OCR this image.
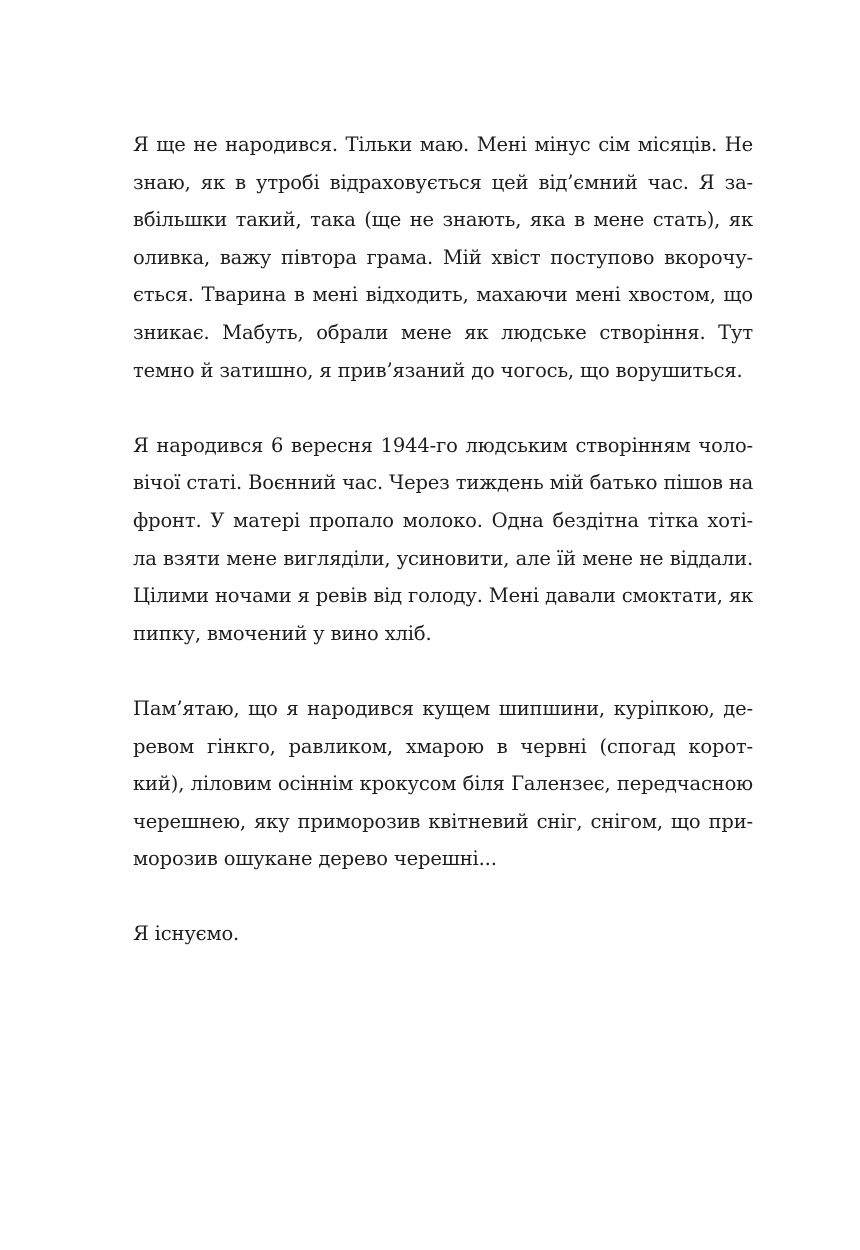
Я ще не народився. Тільки маю. Мені мінус сім місяців. Не
знаю, як в утробі відраховується цей від’ємний час. Я за-
вбільшки такий, така (ще не знають, яка в мене стать), як
оливка, важу півтора грама. Мій хвіст поступово вкорочу-
ється. Тварина в мені відходить, махаючи мені хвостом, що
зникає. Мабуть, обрали мене як людське створіння. Тут
темно й затишно, я прив’язаний до чогось, що ворушиться.
Я народився 6 вересня 1944-го людським створінням чоло-
вічої статі. Воєнний час. Через тиждень мій батько пішов на
фронт. У матері пропало молоко. Одна бездітна тітка хоті-
ла взяти мене вигляділи, усиновити, але їй мене не віддали.
Цілими ночами я ревів від голоду. Мені давали смоктати, як
пипку, вмочений у вино хліб.
Пам’ятаю, що я народився кущем шипшини, куріпкою, де-
ревом гінкго, равликом, хмарою в червні (спогад корот-
кий), ліловим осіннім крокусом біля Галензеє, передчасною
черешнею, яку приморозив квітневий сніг, снігом, що при-
морозив ошукане дерево черешні...
Я існуємо.
